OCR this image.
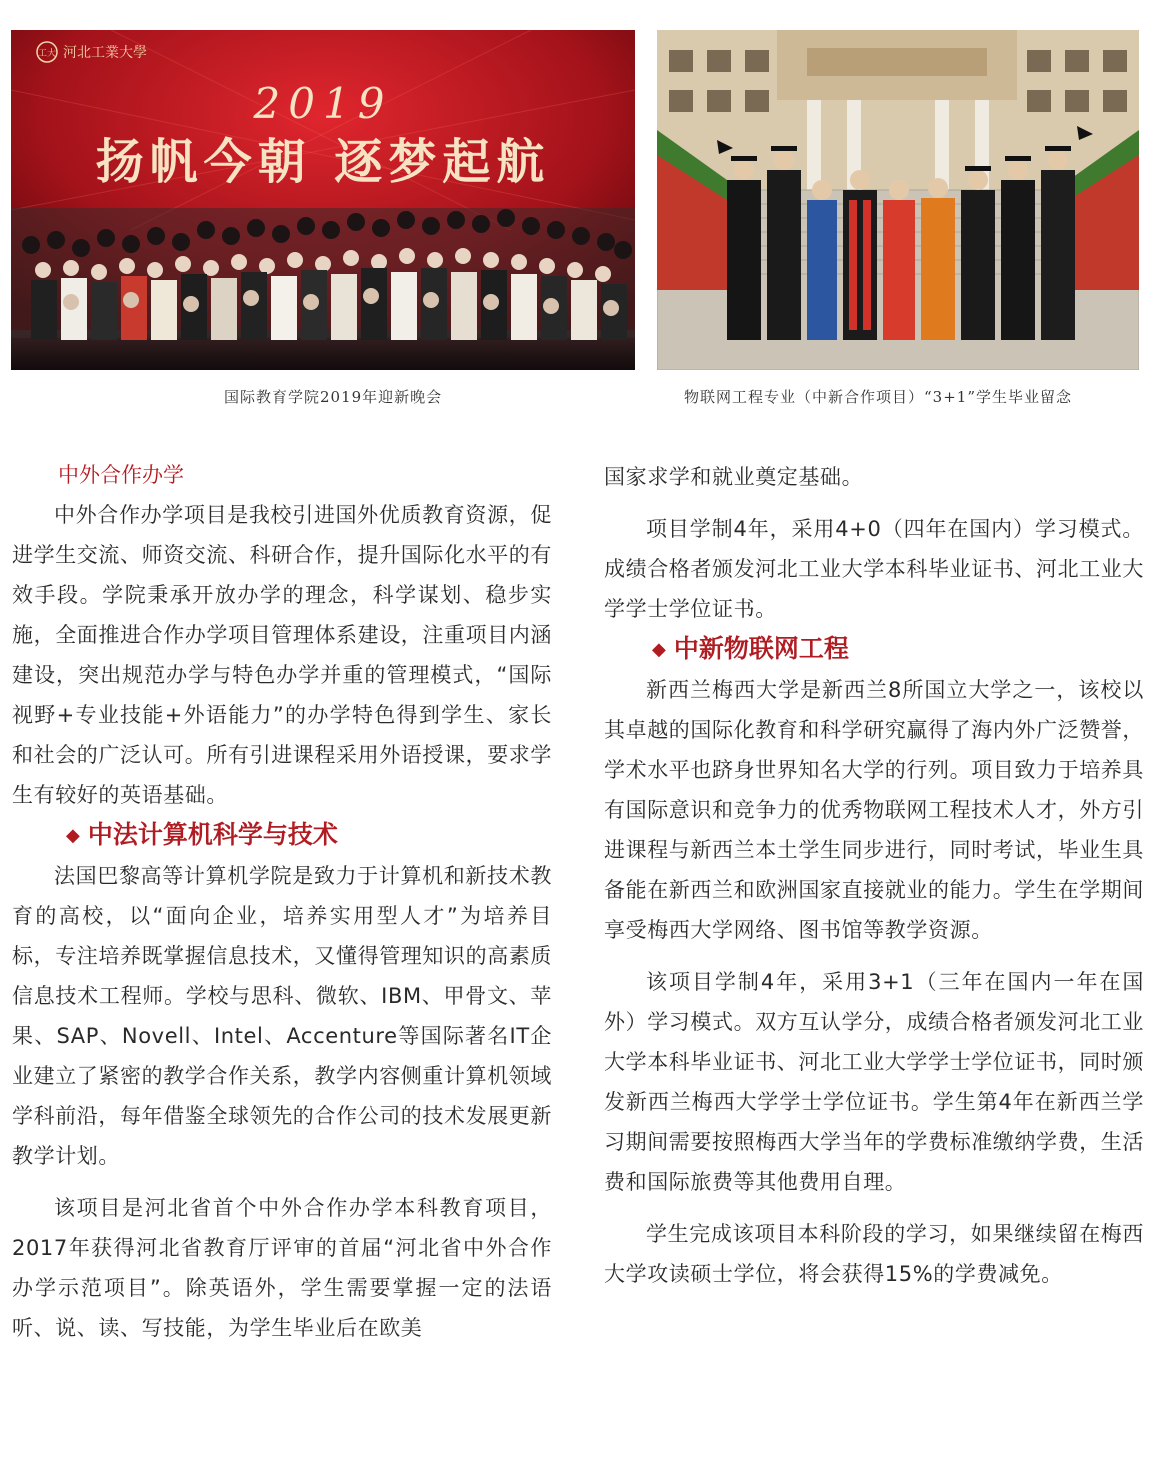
工大 河北工業大學
2019
扬帆今朝 逐梦起航
国际教育学院2019年迎新晚会	物联网工程专业（中新合作项目）“3+1”学生毕业留念
中外合作办学

中外合作办学项目是我校引进国外优质教育资源，促进学生交流、师资交流、科研合作，提升国际化水平的有效手段。学院秉承开放办学的理念，科学谋划、稳步实施，全面推进合作办学项目管理体系建设，注重项目内涵建设，突出规范办学与特色办学并重的管理模式，“国际视野+专业技能+外语能力”的办学特色得到学生、家长和社会的广泛认可。所有引进课程采用外语授课，要求学生有较好的英语基础。

◆ 中法计算机科学与技术

法国巴黎高等计算机学院是致力于计算机和新技术教育的高校，以“面向企业，培养实用型人才”为培养目标，专注培养既掌握信息技术，又懂得管理知识的高素质信息技术工程师。学校与思科、微软、IBM、甲骨文、苹果、SAP、Novell、Intel、Accenture等国际著名IT企业建立了紧密的教学合作关系，教学内容侧重计算机领域学科前沿，每年借鉴全球领先的合作公司的技术发展更新教学计划。

该项目是河北省首个中外合作办学本科教育项目，2017年获得河北省教育厅评审的首届“河北省中外合作办学示范项目”。除英语外，学生需要掌握一定的法语听、说、读、写技能，为学生毕业后在欧美

国家求学和就业奠定基础。

项目学制4年，采用4+0（四年在国内）学习模式。成绩合格者颁发河北工业大学本科毕业证书、河北工业大学学士学位证书。

◆ 中新物联网工程

新西兰梅西大学是新西兰8所国立大学之一，该校以其卓越的国际化教育和科学研究赢得了海内外广泛赞誉，学术水平也跻身世界知名大学的行列。项目致力于培养具有国际意识和竞争力的优秀物联网工程技术人才，外方引进课程与新西兰本土学生同步进行，同时考试，毕业生具备能在新西兰和欧洲国家直接就业的能力。学生在学期间享受梅西大学网络、图书馆等教学资源。

该项目学制4年，采用3+1（三年在国内一年在国外）学习模式。双方互认学分，成绩合格者颁发河北工业大学本科毕业证书、河北工业大学学士学位证书，同时颁发新西兰梅西大学学士学位证书。学生第4年在新西兰学习期间需要按照梅西大学当年的学费标准缴纳学费，生活费和国际旅费等其他费用自理。

学生完成该项目本科阶段的学习，如果继续留在梅西大学攻读硕士学位，将会获得15%的学费减免。
